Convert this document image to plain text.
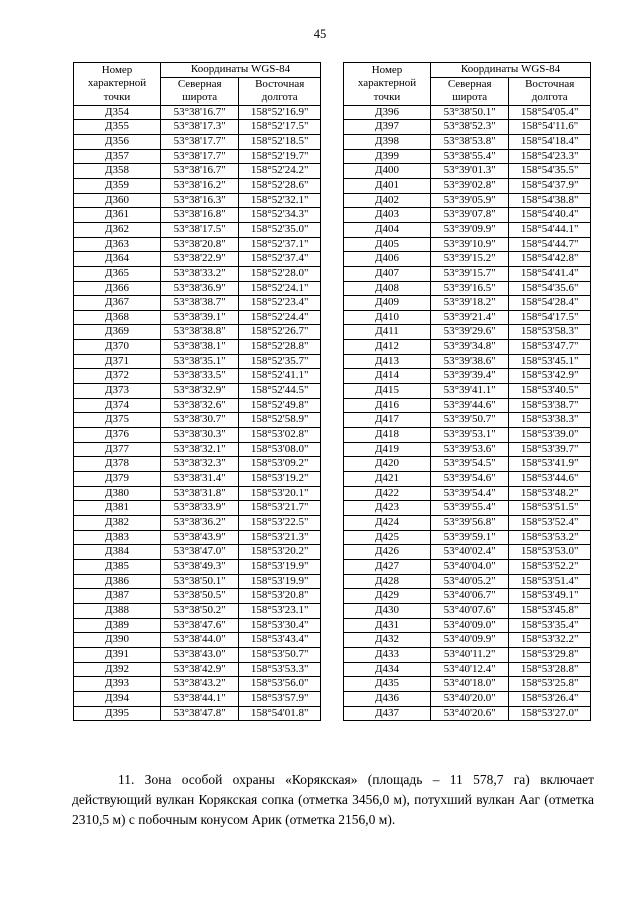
45
Номер характерной точки	Координаты WGS-84	
	Северная широта	Восточная долгота
Д354	53°38'16.7"	158°52'16.9"
Д355	53°38'17.3"	158°52'17.5"
Д356	53°38'17.7"	158°52'18.5"
Д357	53°38'17.7"	158°52'19.7"
Д358	53°38'16.7"	158°52'24.2"
Д359	53°38'16.2"	158°52'28.6"
Д360	53°38'16.3"	158°52'32.1"
Д361	53°38'16.8"	158°52'34.3"
Д362	53°38'17.5"	158°52'35.0"
Д363	53°38'20.8"	158°52'37.1"
Д364	53°38'22.9"	158°52'37.4"
Д365	53°38'33.2"	158°52'28.0"
Д366	53°38'36.9"	158°52'24.1"
Д367	53°38'38.7"	158°52'23.4"
Д368	53°38'39.1"	158°52'24.4"
Д369	53°38'38.8"	158°52'26.7"
Д370	53°38'38.1"	158°52'28.8"
Д371	53°38'35.1"	158°52'35.7"
Д372	53°38'33.5"	158°52'41.1"
Д373	53°38'32.9"	158°52'44.5"
Д374	53°38'32.6"	158°52'49.8"
Д375	53°38'30.7"	158°52'58.9"
Д376	53°38'30.3"	158°53'02.8"
Д377	53°38'32.1"	158°53'08.0"
Д378	53°38'32.3"	158°53'09.2"
Д379	53°38'31.4"	158°53'19.2"
Д380	53°38'31.8"	158°53'20.1"
Д381	53°38'33.9"	158°53'21.7"
Д382	53°38'36.2"	158°53'22.5"
Д383	53°38'43.9"	158°53'21.3"
Д384	53°38'47.0"	158°53'20.2"
Д385	53°38'49.3"	158°53'19.9"
Д386	53°38'50.1"	158°53'19.9"
Д387	53°38'50.5"	158°53'20.8"
Д388	53°38'50.2"	158°53'23.1"
Д389	53°38'47.6"	158°53'30.4"
Д390	53°38'44.0"	158°53'43.4"
Д391	53°38'43.0"	158°53'50.7"
Д392	53°38'42.9"	158°53'53.3"
Д393	53°38'43.2"	158°53'56.0"
Д394	53°38'44.1"	158°53'57.9"
Д395	53°38'47.8"	158°54'01.8"
Номер характерной точки	Координаты WGS-84	
	Северная широта	Восточная долгота
Д396	53°38'50.1"	158°54'05.4"
Д397	53°38'52.3"	158°54'11.6"
Д398	53°38'53.8"	158°54'18.4"
Д399	53°38'55.4"	158°54'23.3"
Д400	53°39'01.3"	158°54'35.5"
Д401	53°39'02.8"	158°54'37.9"
Д402	53°39'05.9"	158°54'38.8"
Д403	53°39'07.8"	158°54'40.4"
Д404	53°39'09.9"	158°54'44.1"
Д405	53°39'10.9"	158°54'44.7"
Д406	53°39'15.2"	158°54'42.8"
Д407	53°39'15.7"	158°54'41.4"
Д408	53°39'16.5"	158°54'35.6"
Д409	53°39'18.2"	158°54'28.4"
Д410	53°39'21.4"	158°54'17.5"
Д411	53°39'29.6"	158°53'58.3"
Д412	53°39'34.8"	158°53'47.7"
Д413	53°39'38.6"	158°53'45.1"
Д414	53°39'39.4"	158°53'42.9"
Д415	53°39'41.1"	158°53'40.5"
Д416	53°39'44.6"	158°53'38.7"
Д417	53°39'50.7"	158°53'38.3"
Д418	53°39'53.1"	158°53'39.0"
Д419	53°39'53.6"	158°53'39.7"
Д420	53°39'54.5"	158°53'41.9"
Д421	53°39'54.6"	158°53'44.6"
Д422	53°39'54.4"	158°53'48.2"
Д423	53°39'55.4"	158°53'51.5"
Д424	53°39'56.8"	158°53'52.4"
Д425	53°39'59.1"	158°53'53.2"
Д426	53°40'02.4"	158°53'53.0"
Д427	53°40'04.0"	158°53'52.2"
Д428	53°40'05.2"	158°53'51.4"
Д429	53°40'06.7"	158°53'49.1"
Д430	53°40'07.6"	158°53'45.8"
Д431	53°40'09.0"	158°53'35.4"
Д432	53°40'09.9"	158°53'32.2"
Д433	53°40'11.2"	158°53'29.8"
Д434	53°40'12.4"	158°53'28.8"
Д435	53°40'18.0"	158°53'25.8"
Д436	53°40'20.0"	158°53'26.4"
Д437	53°40'20.6"	158°53'27.0"
11. Зона особой охраны «Корякская» (площадь – 11 578,7 га) включает действующий вулкан Корякская сопка (отметка 3456,0 м), потухший вулкан Ааг (отметка 2310,5 м) с побочным конусом Арик (отметка 2156,0 м).
